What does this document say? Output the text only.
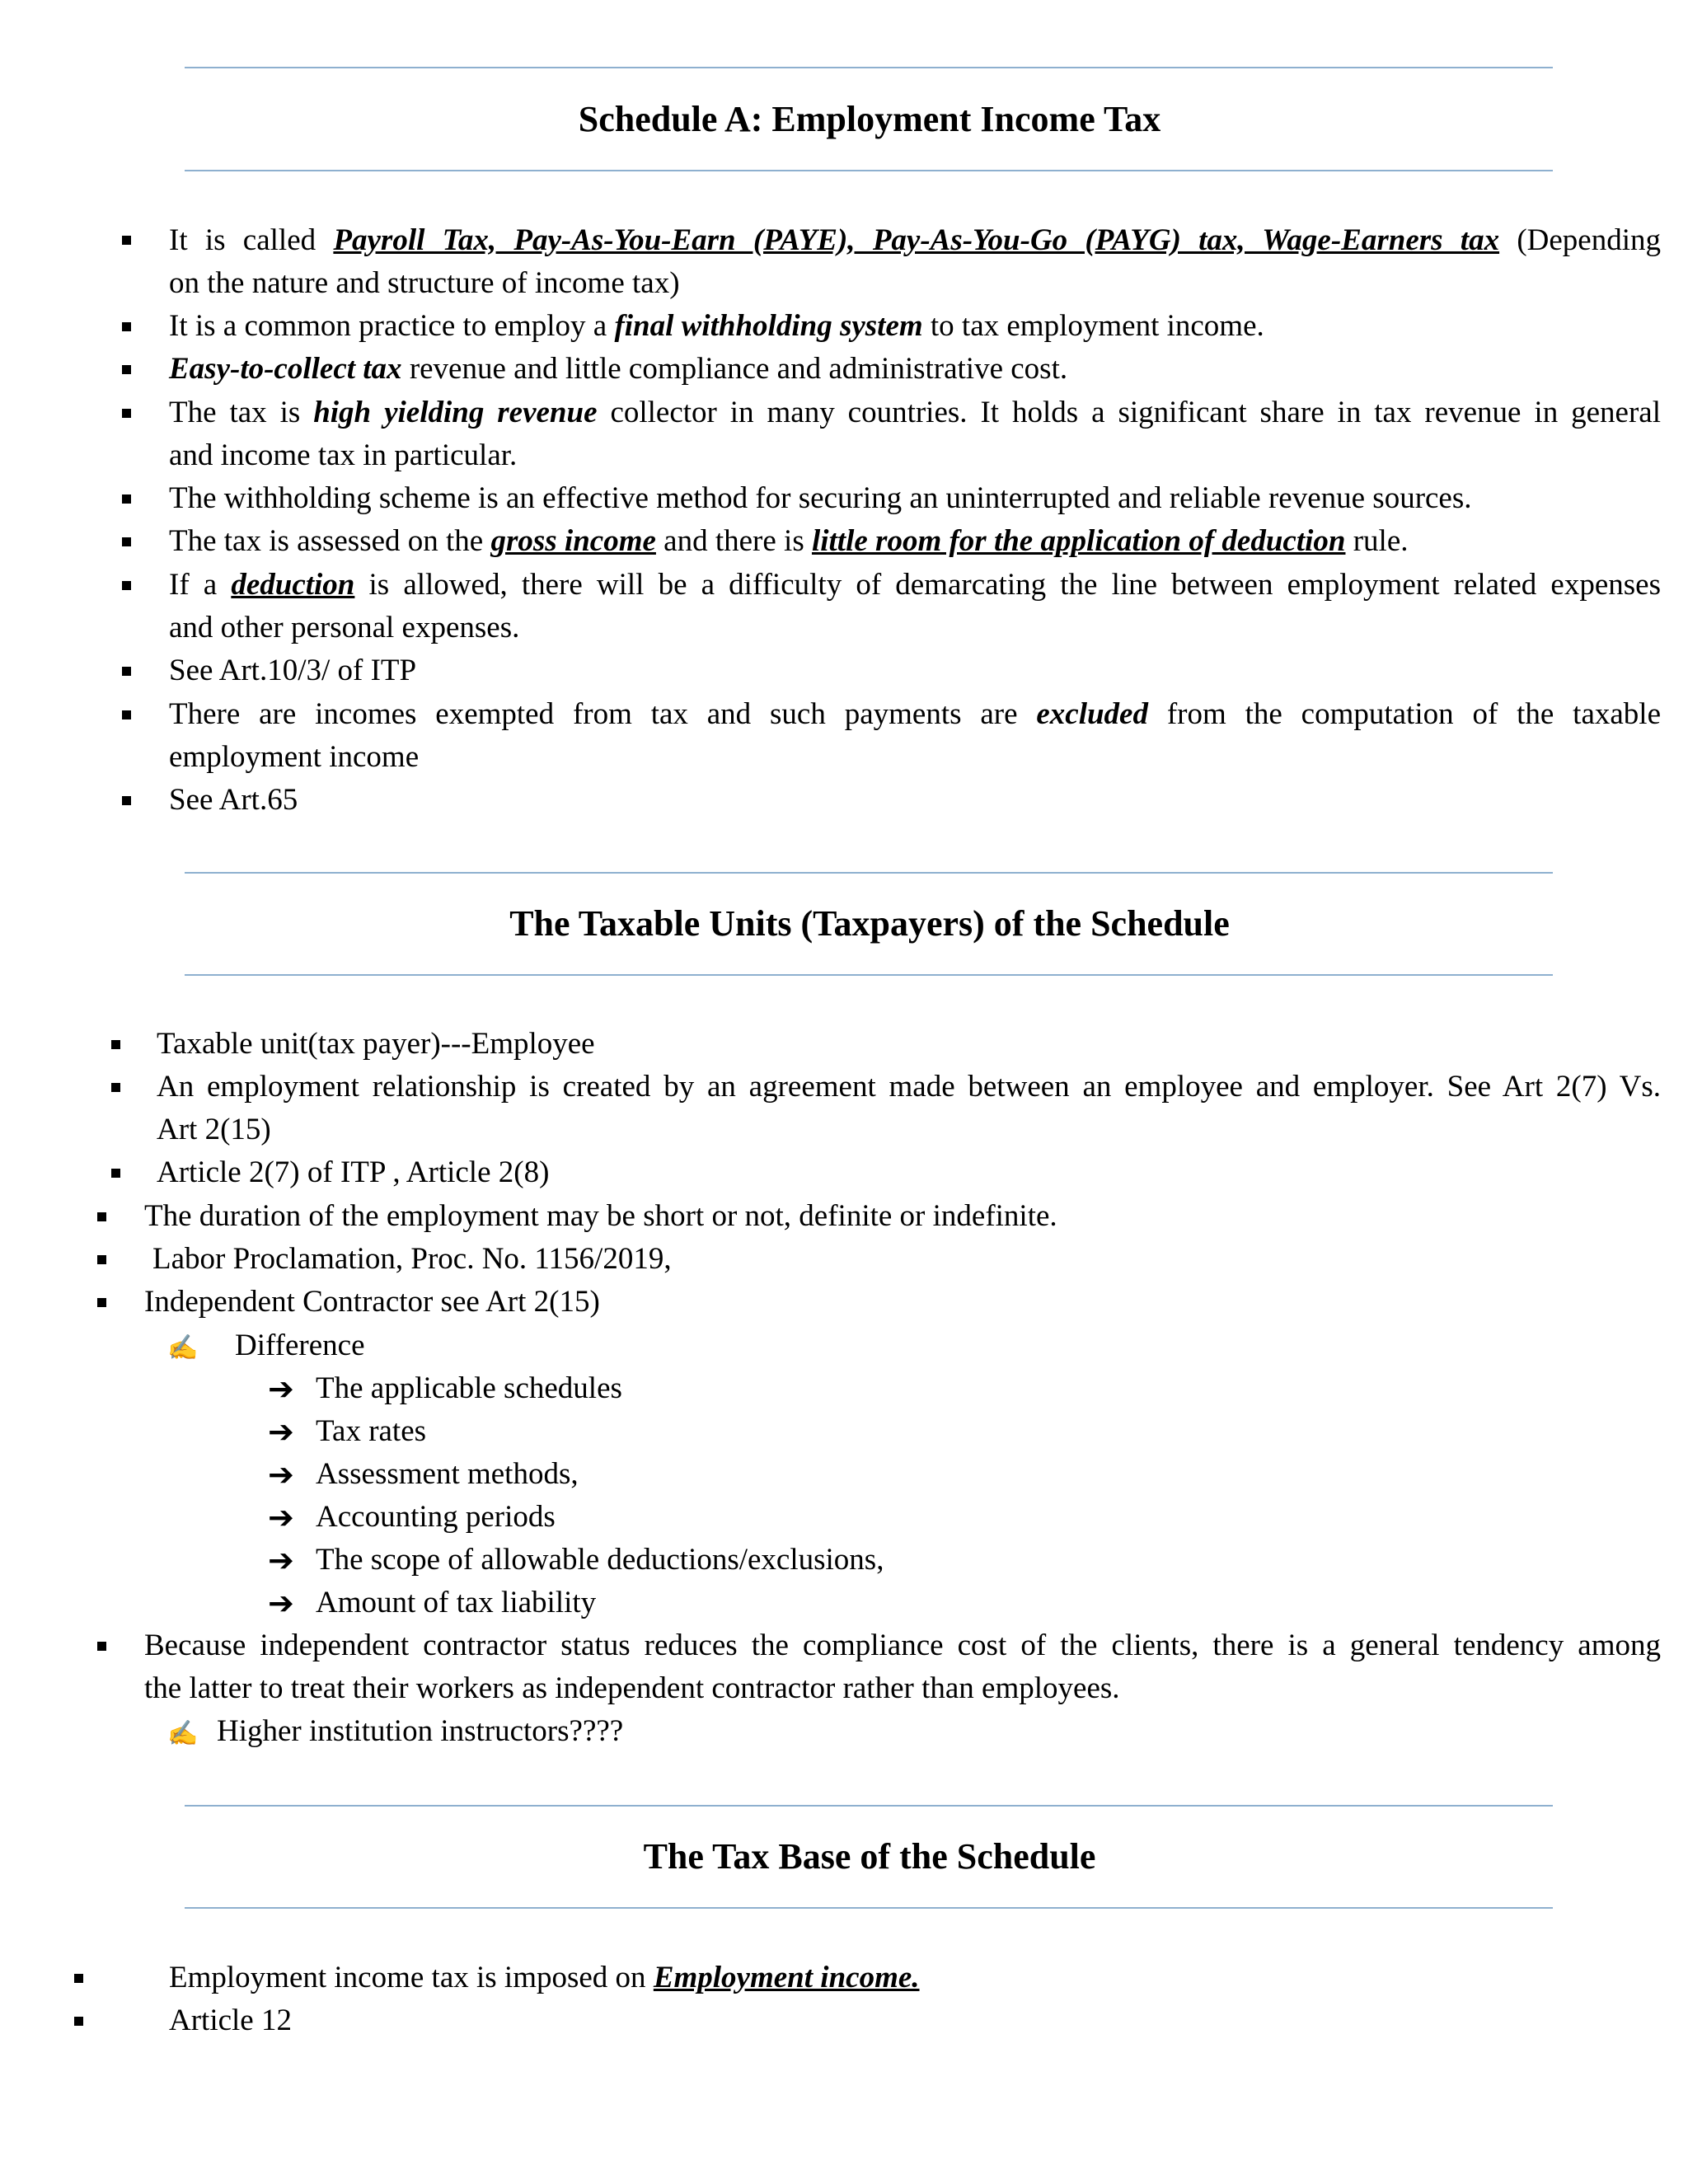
Schedule A: Employment Income Tax
It is called Payroll Tax, Pay-As-You-Earn (PAYE), Pay-As-You-Go (PAYG) tax, Wage-Earners tax (Depending
on the nature and structure of income tax)
It is a common practice to employ a final withholding system to tax employment income.
Easy-to-collect tax revenue and little compliance and administrative cost.
The tax is high yielding revenue collector in many countries. It holds a significant share in tax revenue in general
and income tax in particular.
The withholding scheme is an effective method for securing an uninterrupted and reliable revenue sources.
The tax is assessed on the gross income and there is little room for the application of deduction rule.
If a deduction is allowed, there will be a difficulty of demarcating the line between employment related expenses
and other personal expenses.
See Art.10/3/ of ITP
There are incomes exempted from tax and such payments are excluded from the computation of the taxable
employment income
See Art.65
The Taxable Units (Taxpayers) of the Schedule
Taxable unit(tax payer)---Employee
An employment relationship is created by an agreement made between an employee and employer. See Art 2(7) Vs.
Art 2(15)
Article 2(7) of ITP , Article 2(8)
The duration of the employment may be short or not, definite or indefinite.
Labor Proclamation, Proc. No. 1156/2019,
Independent Contractor see Art 2(15)
✍ Difference
➔ The applicable schedules
➔ Tax rates
➔ Assessment methods,
➔ Accounting periods
➔ The scope of allowable deductions/exclusions,
➔ Amount of tax liability
Because independent contractor status reduces the compliance cost of the clients, there is a general tendency among
the latter to treat their workers as independent contractor rather than employees.
✍ Higher institution instructors????
The Tax Base of the Schedule
Employment income tax is imposed on Employment income.
Article 12
